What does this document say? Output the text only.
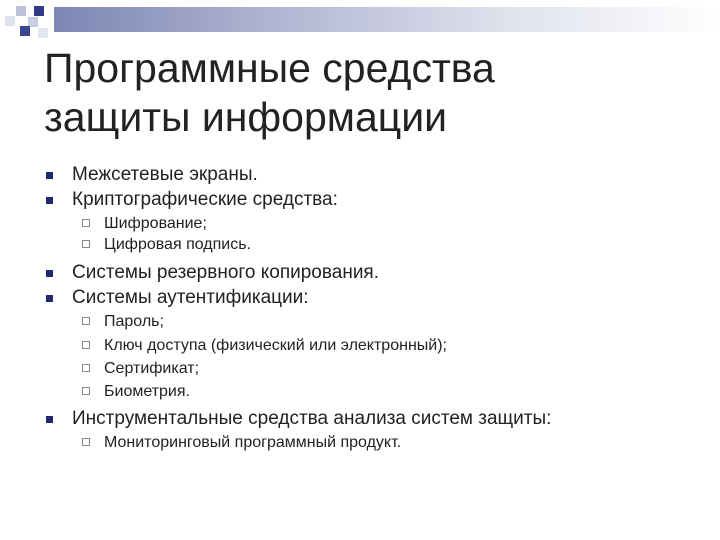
Программные средства
защиты информации
Межсетевые экраны.
Криптографические средства:
Шифрование;
Цифровая подпись.
Системы резервного копирования.
Системы аутентификации:
Пароль;
Ключ доступа (физический или электронный);
Сертификат;
Биометрия.
Инструментальные средства анализа систем защиты:
Мониторинговый программный продукт.
